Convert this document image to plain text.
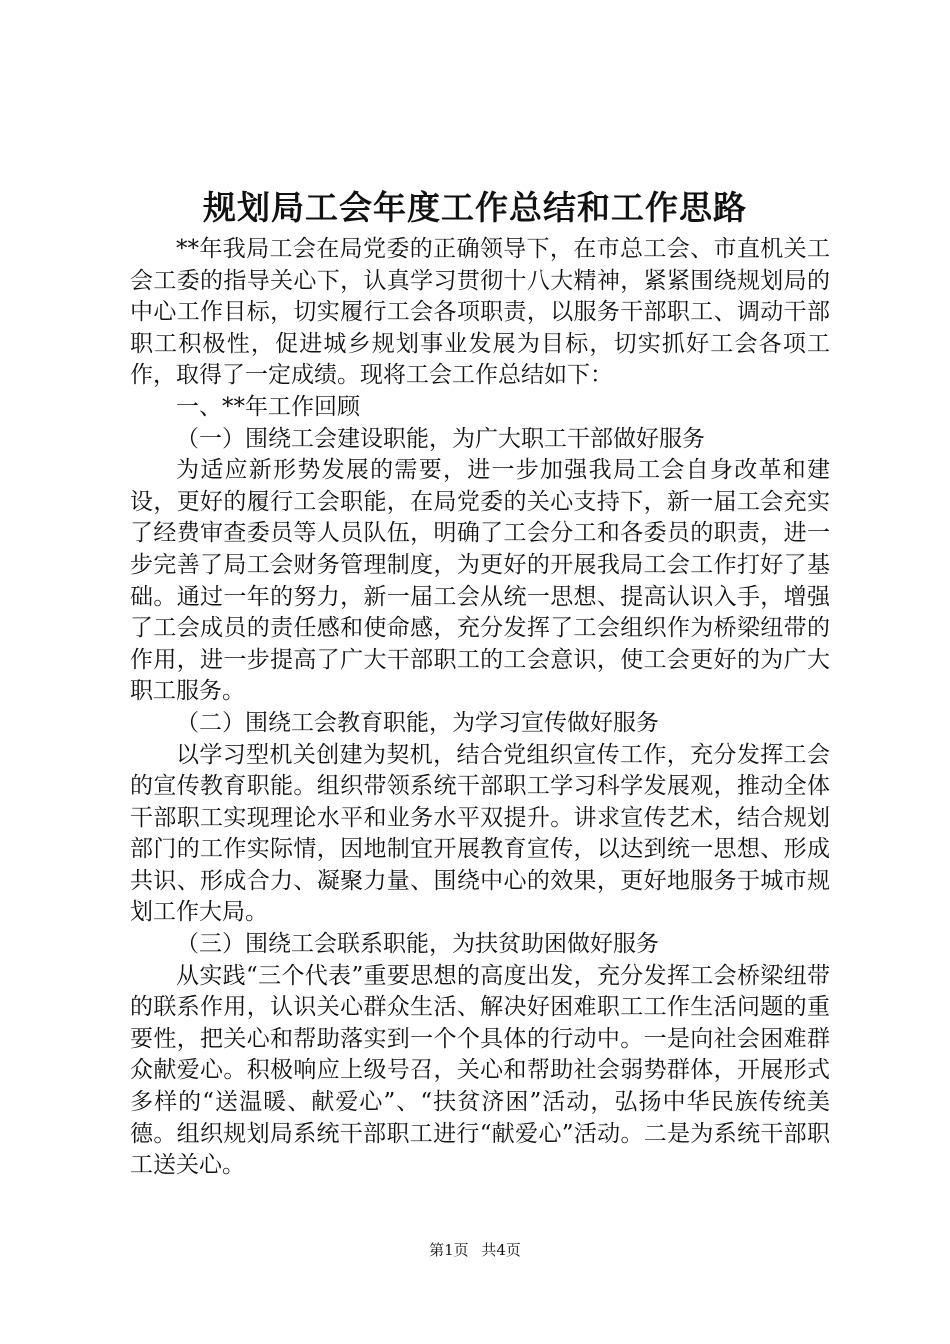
规划局工会年度工作总结和工作思路

**年我局工会在局党委的正确领导下，在市总工会、市直机关工会工委的指导关心下，认真学习贯彻十八大精神，紧紧围绕规划局的中心工作目标，切实履行工会各项职责，以服务干部职工、调动干部职工积极性，促进城乡规划事业发展为目标，切实抓好工会各项工作，取得了一定成绩。现将工会工作总结如下：

一、**年工作回顾

（一）围绕工会建设职能，为广大职工干部做好服务

为适应新形势发展的需要，进一步加强我局工会自身改革和建设，更好的履行工会职能，在局党委的关心支持下，新一届工会充实了经费审查委员等人员队伍，明确了工会分工和各委员的职责，进一步完善了局工会财务管理制度，为更好的开展我局工会工作打好了基础。通过一年的努力，新一届工会从统一思想、提高认识入手，增强了工会成员的责任感和使命感，充分发挥了工会组织作为桥梁纽带的作用，进一步提高了广大干部职工的工会意识，使工会更好的为广大职工服务。

（二）围绕工会教育职能，为学习宣传做好服务

以学习型机关创建为契机，结合党组织宣传工作，充分发挥工会的宣传教育职能。组织带领系统干部职工学习科学发展观，推动全体干部职工实现理论水平和业务水平双提升。讲求宣传艺术，结合规划部门的工作实际情，因地制宜开展教育宣传，以达到统一思想、形成共识、形成合力、凝聚力量、围绕中心的效果，更好地服务于城市规划工作大局。

（三）围绕工会联系职能，为扶贫助困做好服务

从实践“三个代表”重要思想的高度出发，充分发挥工会桥梁纽带的联系作用，认识关心群众生活、解决好困难职工工作生活问题的重要性，把关心和帮助落实到一个个具体的行动中。一是向社会困难群众献爱心。积极响应上级号召，关心和帮助社会弱势群体，开展形式多样的“送温暖、献爱心”、“扶贫济困”活动，弘扬中华民族传统美德。组织规划局系统干部职工进行“献爱心”活动。二是为系统干部职工送关心。

第1页 共4页
